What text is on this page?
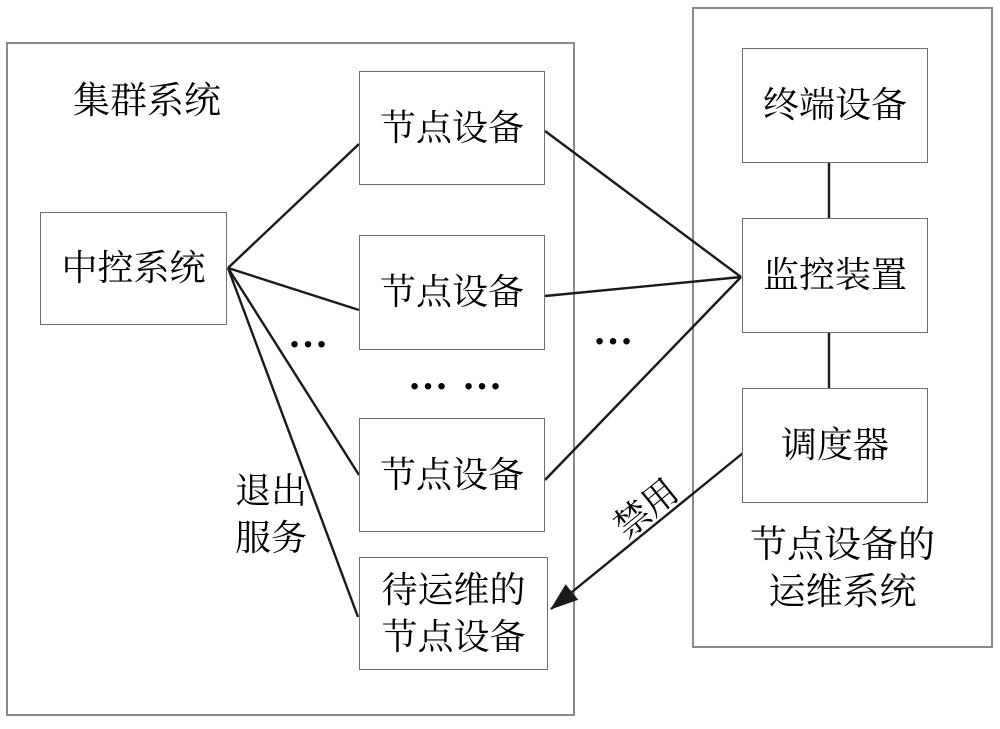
集群系统
中控系统
节点设备
节点设备
节点设备
待运维的
节点设备
终端设备
监控装置
调度器
节点设备的
运维系统
退出
服务	禁用
…
… …
…
